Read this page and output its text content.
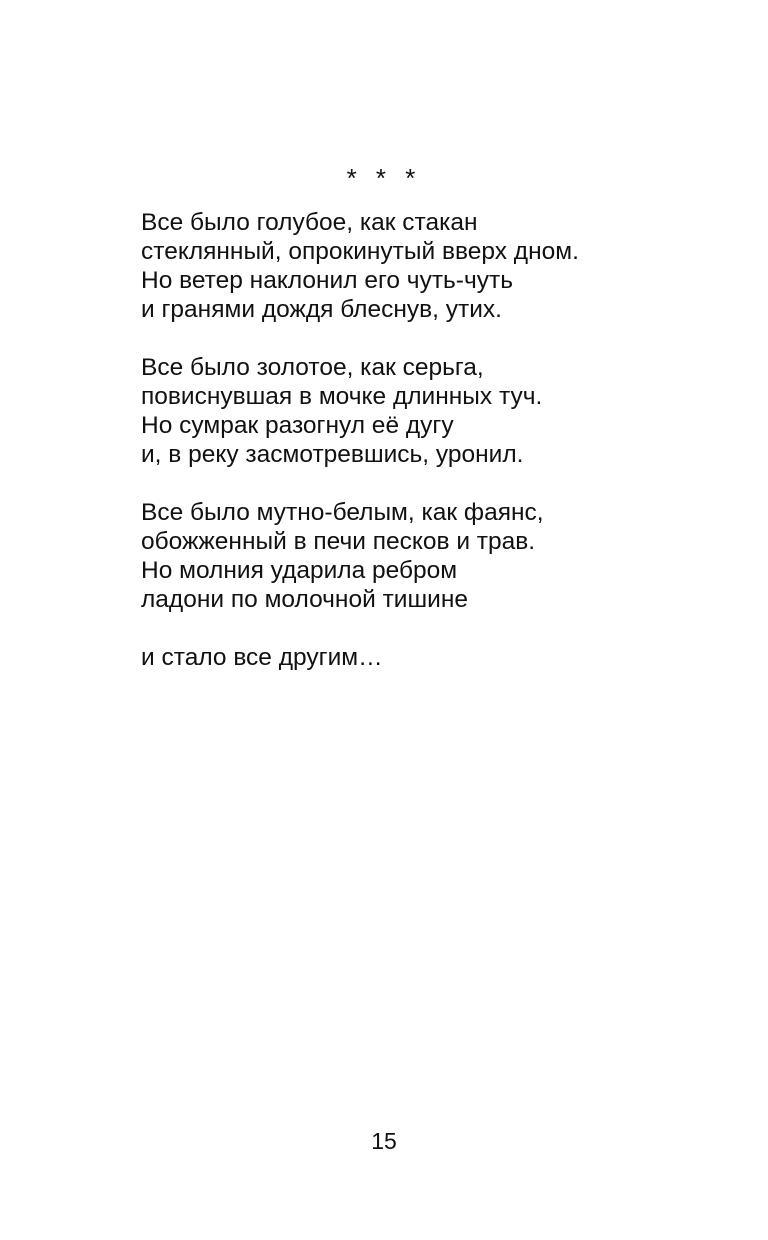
* * *

Все было голубое, как стакан
стеклянный, опрокинутый вверх дном.
Но ветер наклонил его чуть-чуть
и гранями дождя блеснув, утих.

Все было золотое, как серьга,
повиснувшая в мочке длинных туч.
Но сумрак разогнул её дугу
и, в реку засмотревшись, уронил.

Все было мутно-белым, как фаянс,
обожженный в печи песков и трав.
Но молния ударила ребром
ладони по молочной тишине

и стало все другим…

15
